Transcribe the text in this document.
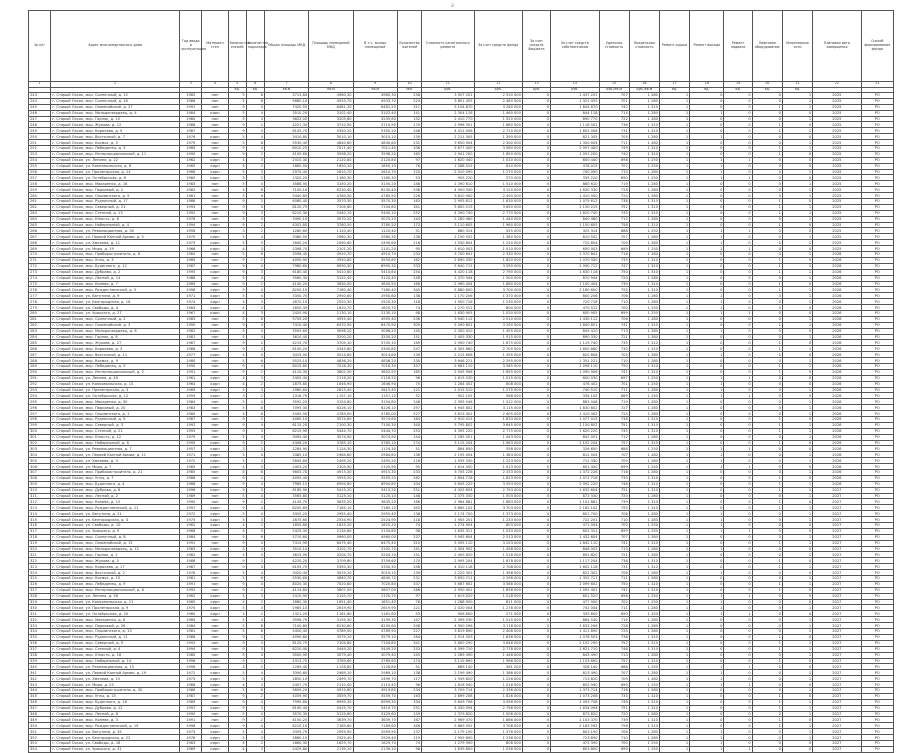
ii
№ п/п	Адрес многоквартирного дома	Год ввода в эксплуатацию	Материал стен	Количество этажей	Количество подъездов	Общая площадь МКД	Площадь помещений МКД	В т.ч. жилых помещений	Количество жителей	Стоимость капитального ремонта	За счет средств фонда	За счет средств бюджета	За счет средств собственников	Удельная стоимость	Предельная стоимость	Ремонт крыши	Ремонт фасада	Ремонт подвала	Лифтовое оборудование	Инженерные сети	Плановая дата завершения	Способ формирования фонда
1	2	3	4	5	6	7	8	9	10	11	12	13	14	15	16	17	18	19	20	21	22	23
				ед.	ед.	кв.м	кв.м	кв.м	чел.	руб.	руб.	руб.	руб.	руб./кв.м	руб./кв.м	ед.	ед.	ед.	ед.	ед.		
243	г. Старый Оскол, мкр. Солнечный, д. 15	1985	пан	5	6	5713,84	4960,30	4960,30	238	3 957 201	2 520 000	0	1 437 201	707	1 280	1	0	0	0	1	2025	РО
244	г. Старый Оскол, мкр. Солнечный, д. 16	1986	пан	5	6	5680,10	4933,70	4933,70	224	3 801 455	2 480 000	0	1 321 455	701	1 280	1	0	0	0	1	2025	РО
245	г. Старый Оскол, мкр. Олимпийский, д. 27	1991	пан	9	4	7420,55	6481,20	6481,20	311	5 104 870	3 260 000	0	1 844 870	742	1 310	1	0	0	1	1	2025	РО
246	г. Старый Оскол, мкр. Молодогвардеец, д. 4	1984	кирп	5	4	3510,20	3102,40	3102,40	141	2 304 118	1 460 000	0	844 118	714	1 280	1	1	0	0	0	2025	РО
247	г. Старый Оскол, мкр. Горняк, д. 10	1980	пан	5	4	3622,00	3205,60	3205,60	152	2 410 770	1 520 000	0	890 770	722	1 280	1	0	0	0	1	2025	РО
248	г. Старый Оскол, мкр. Жукова, д. 12	1988	пан	9	2	4221,30	3710,90	3710,90	170	2 998 501	1 880 000	0	1 118 501	736	1 310	1	0	0	1	0	2025	РО
249	г. Старый Оскол, мкр. Королева, д. 9	1987	пан	9	3	6105,70	5350,20	5350,20	248	4 312 006	2 710 000	0	1 602 006	731	1 310	1	0	0	1	1	2025	РО
250	г. Старый Оскол, мкр. Восточный, д. 7	1976	кирп	5	4	3410,80	3010,10	3010,10	139	2 211 305	1 390 000	0	821 305	705	1 280	1	1	0	0	0	2025	РО
251	г. Старый Оскол, мкр. Космос, д. 5	1979	пан	5	6	5530,40	4840,60	4840,60	231	3 650 904	2 300 000	0	1 350 904	711	1 280	1	0	0	0	1	2025	РО
252	г. Старый Оскол, мкр. Лебединец, д. 3	1989	пан	9	4	8010,25	7011,40	7011,40	336	5 677 400	3 580 000	0	2 097 400	749	1 310	1	0	0	1	1	2025	РО
253	г. Старый Оскол, мкр. Интернациональный, д. 11	1990	пан	9	2	4105,60	3598,20	3598,20	165	2 941 200	1 850 000	0	1 091 200	740	1 310	1	0	0	1	0	2025	РО
254	г. Старый Оскол, ул. Ленина, д. 22	1962	кирп	4	3	2410,30	2120,80	2120,80	97	1 620 440	1 020 000	0	600 440	698	1 250	1	1	1	0	0	2025	РО
255	г. Старый Оскол, ул. Комсомольская, д. 8	1965	кирп	4	2	1880,50	1650,10	1650,10	76	1 288 015	810 000	0	478 015	702	1 250	1	1	0	0	0	2025	РО
256	г. Старый Оскол, ул. Пролетарская, д. 14	1968	кирп	5	3	2975,40	2610,70	2610,70	120	2 010 090	1 270 000	0	740 090	710	1 280	1	1	0	0	1	2025	РО
257	г. Старый Оскол, ул. Октябрьская, д. 6	1960	кирп	3	2	1320,20	1160,30	1160,30	53	905 220	570 000	0	335 220	690	1 250	1	1	1	0	0	2025	РО
258	г. Старый Оскол, мкр. Макаренко, д. 18	1983	пан	5	4	3588,90	3150,20	3150,20	146	2 390 610	1 510 000	0	880 610	719	1 280	1	0	0	0	1	2025	РО
259	г. Старый Оскол, мкр. Парковый, д. 2	1982	пан	5	8	7100,10	6230,40	6230,40	298	4 950 330	3 120 000	0	1 830 330	728	1 280	1	0	0	0	1	2025	РО
260	г. Старый Оскол, мкр. Ольминского, д. 9	1981	пан	5	6	5440,60	4780,50	4780,50	226	3 810 900	2 400 000	0	1 410 900	724	1 280	1	0	0	0	1	2025	РО
261	г. Старый Оскол, мкр. Рудничный, д. 17	1986	пан	9	2	4080,40	3570,30	3570,30	163	2 905 612	1 830 000	0	1 075 612	738	1 310	1	0	0	1	0	2025	РО
262	г. Старый Оскол, мкр. Северный, д. 21	1993	пан	9	4	8120,75	7104,60	7104,60	341	5 800 215	3 650 000	0	2 150 215	752	1 310	1	0	0	1	1	2025	РО
263	г. Старый Оскол, мкр. Степной, д. 13	1992	пан	9	3	6210,30	5440,10	5440,10	252	4 390 740	2 770 000	0	1 620 740	745	1 310	1	0	0	1	1	2025	РО
264	г. Старый Оскол, мкр. Юность, д. 6	1978	пан	5	4	3490,10	3070,20	3070,20	144	2 280 460	1 440 000	0	840 460	712	1 280	1	0	0	0	1	2025	РО
265	г. Старый Оскол, мкр. Набережный, д. 4	1994	кирп	9	2	4302,80	3780,50	3780,50	173	3 110 605	1 960 000	0	1 150 605	756	1 310	1	0	0	1	0	2025	РО
266	г. Старый Оскол, ул. Революционная, д. 30	1958	кирп	3	2	1280,60	1120,40	1120,40	51	880 314	555 000	0	325 314	688	1 250	1	1	1	0	0	2025	РО
267	г. Старый Оскол, ул. Первой Конной Армии, д. 5	1970	кирп	5	4	3380,50	2980,30	2980,30	138	2 190 552	1 380 000	0	810 552	707	1 280	1	1	0	0	1	2025	РО
268	г. Старый Оскол, ул. Хмелева, д. 11	1973	кирп	5	3	2840,20	2490,60	2490,60	116	1 930 804	1 220 000	0	710 804	709	1 280	1	1	0	0	1	2025	РО
269	г. Старый Оскол, ул. Мира, д. 19	1966	кирп	4	3	2398,70	2101,20	2101,20	95	1 610 003	1 010 000	0	600 003	699	1 250	1	1	1	0	0	2025	РО
270	г. Старый Оскол, мкр. Приборостроитель, д. 8	1984	пан	5	6	5598,40	4910,70	4910,70	233	3 700 841	2 330 000	0	1 370 841	716	1 280	1	0	0	0	1	2026	РО
271	г. Старый Оскол, мкр. Углы, д. 3	1985	пан	9	2	4050,90	3550,80	3550,80	162	2 890 330	1 820 000	0	1 070 330	735	1 310	1	0	0	1	0	2026	РО
272	г. Старый Оскол, мкр. Буденного, д. 12	1987	пан	9	4	7980,60	6990,30	6990,30	333	5 640 712	3 550 000	0	2 090 712	747	1 310	1	0	0	1	1	2026	РО
273	г. Старый Оскол, мкр. Дубрава, д. 2	1995	кирп	9	3	6180,40	5410,60	5410,60	250	4 420 118	2 790 000	0	1 630 118	750	1 310	1	0	0	1	1	2026	РО
274	г. Старый Оскол, мкр. Лесной, д. 14	1988	пан	5	4	3560,30	3120,40	3120,40	148	2 370 944	1 500 000	0	870 944	720	1 280	1	0	0	0	1	2026	РО
275	г. Старый Оскол, мкр. Конева, д. 7	1989	пан	9	2	4140,20	3630,50	3630,50	166	2 960 404	1 860 000	0	1 100 404	739	1 310	1	0	0	1	0	2026	РО
276	г. Старый Оскол, мкр. Рождественский, д. 5	1996	кирп	9	4	8200,10	7180,40	7180,40	345	5 880 600	3 700 000	0	2 180 600	755	1 310	1	0	0	1	1	2026	РО
277	г. Старый Оскол, ул. Ватутина, д. 9	1971	кирп	5	4	3350,70	2950,80	2950,80	136	2 170 206	1 370 000	0	800 206	706	1 280	1	1	0	0	1	2026	РО
278	г. Старый Оскол, ул. Белгородская, д. 16	1974	кирп	5	3	2870,10	2520,30	2520,30	118	1 950 718	1 230 000	0	720 718	710	1 280	1	1	0	0	1	2026	РО
279	г. Старый Оскол, ул. Свободы, д. 4	1963	кирп	4	2	1850,30	1620,70	1620,70	74	1 270 512	800 000	0	470 512	700	1 250	1	1	0	0	0	2026	РО
280	г. Старый Оскол, ул. Урицкого, д. 27	1967	кирп	4	3	2420,90	2130,10	2130,10	98	1 630 905	1 030 000	0	600 905	699	1 250	1	1	1	0	0	2026	РО
281	г. Старый Оскол, мкр. Солнечный, д. 2	1983	пан	5	6	5705,20	4955,40	4955,40	236	3 940 112	2 510 000	0	1 430 112	706	1 280	1	0	0	0	1	2026	РО
282	г. Старый Оскол, мкр. Олимпийский, д. 3	1990	пан	9	4	7410,40	6470,90	6470,90	309	5 090 601	3 250 000	0	1 840 601	741	1 310	1	0	0	1	1	2026	РО
283	г. Старый Оскол, мкр. Молодогвардеец, д. 6	1982	кирп	5	4	3505,60	3098,20	3098,20	140	2 300 410	1 455 000	0	845 410	713	1 280	1	1	0	0	0	2026	РО
284	г. Старый Оскол, мкр. Горняк, д. 8	1981	пан	5	4	3610,40	3200,20	3200,20	151	2 405 330	1 515 000	0	890 330	721	1 280	1	0	0	0	1	2026	РО
285	г. Старый Оскол, мкр. Жукова, д. 27	1987	пан	9	2	4215,70	3705,10	3705,10	169	2 990 740	1 875 000	0	1 115 740	735	1 310	1	0	0	1	0	2026	РО
286	г. Старый Оскол, мкр. Королева, д. 3	1986	пан	9	3	6100,20	5345,80	5345,80	247	4 305 660	2 705 000	0	1 600 660	730	1 310	1	0	0	1	1	2026	РО
287	г. Старый Оскол, мкр. Восточный, д. 11	1977	кирп	5	4	3415,90	3014,60	3014,60	139	2 215 808	1 395 000	0	820 808	705	1 280	1	1	0	0	0	2026	РО
288	г. Старый Оскол, мкр. Космос, д. 9	1980	пан	5	6	5525,10	4836,20	4836,20	230	3 646 221	2 295 000	0	1 351 221	710	1 280	1	0	0	0	1	2026	РО
289	г. Старый Оскол, мкр. Лебединец, д. 5	1990	пан	9	4	8015,80	7016,30	7016,30	337	5 683 110	3 585 000	0	2 098 110	750	1 310	1	0	0	1	1	2026	РО
290	г. Старый Оскол, мкр. Интернациональный, д. 2	1991	пан	9	2	4110,30	3602,50	3602,50	165	2 945 906	1 855 000	0	1 090 906	741	1 310	1	0	0	1	0	2026	РО
291	г. Старый Оскол, ул. Ленина, д. 40	1961	кирп	4	3	2405,40	2116,20	2116,20	96	1 615 030	1 015 000	0	600 030	697	1 250	1	1	1	0	0	2026	РО
292	г. Старый Оскол, ул. Комсомольская, д. 15	1964	кирп	4	2	1875,80	1646,90	1646,90	75	1 284 402	808 000	0	476 402	701	1 250	1	1	0	0	0	2026	РО
293	г. Старый Оскол, ул. Пролетарская, д. 3	1969	кирп	5	3	2980,60	2615,40	2615,40	121	2 015 510	1 275 000	0	740 510	711	1 280	1	1	0	0	1	2026	РО
294	г. Старый Оскол, ул. Октябрьская, д. 12	1959	кирп	3	2	1316,70	1157,10	1157,10	52	902 105	568 000	0	334 105	689	1 250	1	1	1	0	0	2026	РО
295	г. Старый Оскол, мкр. Макаренко, д. 30	1984	пан	5	4	3592,20	3154,80	3154,80	146	2 395 046	1 512 000	0	883 046	719	1 280	1	0	0	0	1	2026	РО
296	г. Старый Оскол, мкр. Парковый, д. 20	1983	пан	5	8	7095,30	6226,10	6226,10	297	4 945 802	3 115 000	0	1 830 802	727	1 280	1	0	0	0	1	2026	РО
297	г. Старый Оскол, мкр. Ольминского, д. 1	1980	пан	5	6	5445,90	4785,00	4785,00	227	3 815 402	2 405 000	0	1 410 402	724	1 280	1	0	0	0	1	2026	РО
298	г. Старый Оскол, мкр. Рудничный, д. 5	1987	пан	9	2	4085,10	3574,60	3574,60	164	2 910 015	1 833 000	0	1 077 015	738	1 310	1	0	0	1	0	2026	РО
299	г. Старый Оскол, мкр. Северный, д. 3	1992	пан	9	4	8115,20	7100,30	7100,30	340	5 795 802	3 645 000	0	2 150 802	751	1 310	1	0	0	1	1	2026	РО
300	г. Старый Оскол, мкр. Степной, д. 21	1993	пан	9	3	6215,90	5444,70	5444,70	253	4 395 220	2 775 000	0	1 620 220	745	1 310	1	0	0	1	1	2026	РО
301	г. Старый Оскол, мкр. Юность, д. 12	1979	пан	5	4	3495,40	3074,90	3074,90	144	2 285 001	1 443 000	0	842 001	712	1 280	1	0	0	0	1	2026	РО
302	г. Старый Оскол, мкр. Набережный, д. 8	1995	кирп	9	2	4308,20	3785,10	3785,10	174	3 115 204	1 963 000	0	1 152 204	757	1 310	1	0	0	1	0	2026	РО
303	г. Старый Оскол, ул. Революционная, д. 7	1957	кирп	3	2	1284,90	1124,30	1124,30	51	884 650	558 000	0	326 650	688	1 250	1	1	1	0	0	2026	РО
304	г. Старый Оскол, ул. Первой Конной Армии, д. 11	1971	кирп	5	4	3385,10	2984,60	2984,60	138	2 195 004	1 383 000	0	812 004	707	1 280	1	1	0	0	1	2026	РО
305	г. Старый Оскол, ул. Хмелева, д. 3	1972	кирп	5	3	2845,60	2495,20	2495,20	116	1 935 330	1 223 000	0	712 330	709	1 280	1	1	0	0	1	2026	РО
306	г. Старый Оскол, ул. Мира, д. 7	1965	кирп	4	3	2403,20	2105,90	2105,90	95	1 614 450	1 013 000	0	601 450	699	1 250	1	1	1	0	0	2026	РО
307	г. Старый Оскол, мкр. Приборостроитель, д. 21	1985	пан	5	6	5603,70	4915,30	4915,30	233	3 705 226	2 333 000	0	1 372 226	716	1 280	1	0	0	0	1	2026	РО
308	г. Старый Оскол, мкр. Углы, д. 7	1986	пан	9	2	4055,40	3555,20	3555,20	162	2 894 718	1 823 000	0	1 071 718	735	1 310	1	0	0	1	0	2026	РО
309	г. Старый Оскол, мкр. Буденного, д. 4	1988	пан	9	4	7985,10	6994,80	6994,80	334	5 645 220	3 553 000	0	2 092 220	748	1 310	1	0	0	1	1	2026	РО
310	г. Старый Оскол, мкр. Дубрава, д. 8	1996	кирп	9	3	6185,90	5415,20	5415,20	251	4 425 604	2 793 000	0	1 632 604	751	1 310	1	0	0	1	1	2027	РО
311	г. Старый Оскол, мкр. Лесной, д. 2	1989	пан	5	4	3565,80	3125,10	3125,10	148	2 375 330	1 503 000	0	872 330	720	1 280	1	0	0	0	1	2027	РО
312	г. Старый Оскол, мкр. Конева, д. 15	1990	пан	9	2	4145,70	3635,20	3635,20	166	2 964 881	1 863 000	0	1 101 881	739	1 310	1	0	0	1	0	2027	РО
313	г. Старый Оскол, мкр. Рождественский, д. 11	1997	кирп	9	4	8205,60	7185,10	7185,10	345	5 885 102	3 703 000	0	2 182 102	755	1 310	1	0	0	1	1	2027	РО
314	г. Старый Оскол, ул. Ватутина, д. 21	1972	кирп	5	4	3355,20	2955,40	2955,40	136	2 174 700	1 373 000	0	801 700	706	1 280	1	1	0	0	1	2027	РО
315	г. Старый Оскол, ул. Белгородская, д. 4	1975	кирп	5	3	2875,60	2524,90	2524,90	118	1 955 201	1 233 000	0	722 201	710	1 280	1	1	0	0	1	2027	РО
316	г. Старый Оскол, ул. Свободы, д. 10	1962	кирп	4	2	1855,80	1625,20	1625,20	74	1 274 904	803 000	0	471 904	700	1 250	1	1	0	0	0	2027	РО
317	г. Старый Оскол, ул. Урицкого, д. 9	1968	кирп	4	3	2425,30	2134,60	2134,60	98	1 635 311	1 033 000	0	602 311	699	1 250	1	1	1	0	0	2027	РО
318	г. Старый Оскол, мкр. Солнечный, д. 8	1984	пан	5	6	5710,60	4960,00	4960,00	237	3 945 604	2 513 000	0	1 432 604	707	1 280	1	0	0	0	1	2027	РО
319	г. Старый Оскол, мкр. Олимпийский, д. 15	1991	пан	9	4	7415,90	6475,40	6475,40	310	5 095 110	3 253 000	0	1 842 110	741	1 310	1	0	0	1	1	2027	РО
320	г. Старый Оскол, мкр. Молодогвардеец, д. 12	1983	кирп	5	4	3510,10	3102,70	3102,70	141	2 304 902	1 458 000	0	846 902	713	1 280	1	1	0	0	0	2027	РО
321	г. Старый Оскол, мкр. Горняк, д. 2	1982	пан	5	4	3615,90	3204,70	3204,70	151	2 409 820	1 518 000	0	891 820	721	1 280	1	0	0	0	1	2027	РО
322	г. Старый Оскол, мкр. Жукова, д. 5	1988	пан	9	2	4220,20	3709,60	3709,60	170	2 995 204	1 878 000	0	1 117 204	736	1 310	1	0	0	1	0	2027	РО
323	г. Старый Оскол, мкр. Королева, д. 17	1987	пан	9	3	6105,70	5350,30	5350,30	248	4 310 118	2 708 000	0	1 602 118	731	1 310	1	0	0	1	1	2027	РО
324	г. Старый Оскол, мкр. Восточный, д. 2	1978	кирп	5	4	3420,40	3019,10	3019,10	139	2 220 302	1 398 000	0	822 302	706	1 280	1	1	0	0	0	2027	РО
325	г. Старый Оскол, мкр. Космос, д. 15	1981	пан	5	6	5530,60	4840,70	4840,70	231	3 650 711	2 298 000	0	1 352 711	711	1 280	1	0	0	0	1	2027	РО
326	г. Старый Оскол, мкр. Лебединец, д. 9	1991	пан	9	4	8020,30	7020,80	7020,80	337	5 687 602	3 588 000	0	2 099 602	750	1 310	1	0	0	1	1	2027	РО
327	г. Старый Оскол, мкр. Интернациональный, д. 6	1992	пан	9	2	4114,80	3607,00	3607,00	166	2 950 401	1 858 000	0	1 092 401	741	1 310	1	0	0	1	0	2027	РО
328	г. Старый Оскол, ул. Ленина, д. 58	1962	кирп	4	3	2410,90	2120,70	2120,70	97	1 619 520	1 018 000	0	601 520	698	1 250	1	1	1	0	0	2027	РО
329	г. Старый Оскол, ул. Комсомольская, д. 21	1965	кирп	4	2	1880,30	1651,40	1651,40	76	1 288 900	811 000	0	477 900	702	1 250	1	1	0	0	0	2027	РО
330	г. Старый Оскол, ул. Пролетарская, д. 9	1970	кирп	5	3	2985,10	2619,90	2619,90	121	2 020 004	1 278 000	0	742 004	711	1 280	1	1	0	0	1	2027	РО
331	г. Старый Оскол, ул. Октябрьская, д. 20	1960	кирп	3	2	1321,20	1161,60	1161,60	53	906 600	571 000	0	335 600	690	1 250	1	1	1	0	0	2027	РО
332	г. Старый Оскол, мкр. Макаренко, д. 6	1985	пан	5	4	3596,70	3159,30	3159,30	147	2 399 530	1 515 000	0	884 530	719	1 280	1	0	0	0	1	2027	РО
333	г. Старый Оскол, мкр. Парковый, д. 26	1984	пан	5	8	7100,80	6230,60	6230,60	298	4 950 296	3 118 000	0	1 832 296	728	1 280	1	0	0	0	1	2027	РО
334	г. Старый Оскол, мкр. Ольминского, д. 13	1981	пан	5	6	5450,40	4789,50	4789,50	227	3 819 890	2 408 000	0	1 411 890	724	1 280	1	0	0	0	1	2027	РО
335	г. Старый Оскол, мкр. Рудничный, д. 11	1988	пан	9	2	4090,60	3579,10	3579,10	164	2 914 503	1 836 000	0	1 078 503	738	1 310	1	0	0	1	0	2027	РО
336	г. Старый Оскол, мкр. Северный, д. 9	1993	пан	9	4	8120,70	7104,80	7104,80	341	5 800 290	3 648 000	0	2 152 290	752	1 310	1	0	0	1	1	2027	РО
337	г. Старый Оскол, мкр. Степной, д. 4	1994	пан	9	3	6220,40	5449,20	5449,20	253	4 399 710	2 778 000	0	1 621 710	746	1 310	1	0	0	1	1	2027	РО
338	г. Старый Оскол, мкр. Юность, д. 18	1980	пан	5	4	3500,90	3079,40	3079,40	145	2 289 490	1 446 000	0	843 490	713	1 280	1	0	0	0	1	2027	РО
339	г. Старый Оскол, мкр. Набережный, д. 14	1996	кирп	9	2	4313,70	3789,60	3789,60	174	3 119 690	1 966 000	0	1 153 690	757	1 310	1	0	0	1	0	2027	РО
340	г. Старый Оскол, ул. Революционная, д. 15	1958	кирп	3	2	1289,40	1128,80	1128,80	51	889 140	561 000	0	328 140	688	1 250	1	1	1	0	0	2027	РО
341	г. Старый Оскол, ул. Первой Конной Армии, д. 19	1972	кирп	5	4	3390,60	2989,10	2989,10	138	2 199 490	1 386 000	0	813 490	707	1 280	1	1	0	0	1	2027	РО
342	г. Старый Оскол, ул. Хмелева, д. 15	1973	кирп	5	3	2850,10	2499,70	2499,70	117	1 939 820	1 226 000	0	713 820	709	1 280	1	1	0	0	1	2027	РО
343	г. Старый Оскол, ул. Мира, д. 25	1966	кирп	4	3	2407,70	2110,40	2110,40	96	1 618 940	1 016 000	0	602 940	699	1 250	1	1	1	0	0	2027	РО
344	г. Старый Оскол, мкр. Приборостроитель, д. 30	1986	пан	5	6	5609,20	4919,80	4919,80	234	3 709 714	2 336 000	0	1 373 714	716	1 280	1	0	0	0	1	2027	РО
345	г. Старый Оскол, мкр. Углы, д. 15	1987	пан	9	2	4059,90	3559,70	3559,70	163	2 899 208	1 826 000	0	1 073 208	735	1 310	1	0	0	1	0	2027	РО
346	г. Старый Оскол, мкр. Буденного, д. 16	1989	пан	9	4	7990,60	6999,30	6999,30	334	5 649 708	3 556 000	0	2 093 708	748	1 310	1	0	0	1	1	2027	РО
347	г. Старый Оскол, мкр. Дубрава, д. 12	1997	кирп	9	3	6190,40	5419,70	5419,70	251	4 430 094	2 796 000	0	1 634 094	751	1 310	1	0	0	1	1	2027	РО
348	г. Старый Оскол, мкр. Лесной, д. 8	1990	пан	5	4	3570,30	3129,60	3129,60	149	2 379 820	1 506 000	0	873 820	720	1 280	1	0	0	0	1	2027	РО
349	г. Старый Оскол, мкр. Конева, д. 3	1991	пан	9	2	4150,20	3639,70	3639,70	167	2 969 370	1 866 000	0	1 103 370	739	1 310	1	0	0	1	0	2027	РО
350	г. Старый Оскол, мкр. Рождественский, д. 19	1998	кирп	9	4	8210,10	7189,60	7189,60	346	5 889 592	3 706 000	0	2 183 592	756	1 310	1	0	0	1	1	2027	РО
351	г. Старый Оскол, ул. Ватутина, д. 35	1973	кирп	5	4	3359,70	2959,90	2959,90	137	2 179 190	1 376 000	0	803 190	706	1 280	1	1	0	0	1	2027	РО
352	г. Старый Оскол, ул. Белгородская, д. 22	1976	кирп	5	3	2880,10	2529,40	2529,40	119	1 959 690	1 236 000	0	723 690	710	1 280	1	1	0	0	1	2027	РО
353	г. Старый Оскол, ул. Свободы, д. 18	1963	кирп	4	2	1860,30	1629,70	1629,70	74	1 279 390	806 000	0	473 390	700	1 250	1	1	0	0	0	2027	РО
354	г. Старый Оскол, ул. Урицкого, д. 31	1969	кирп	4	3	2429,80	2139,10	2139,10	98	1 639 800	1 036 000	0	603 800	699	1 250	1	1	1	0	0	2027	РО
